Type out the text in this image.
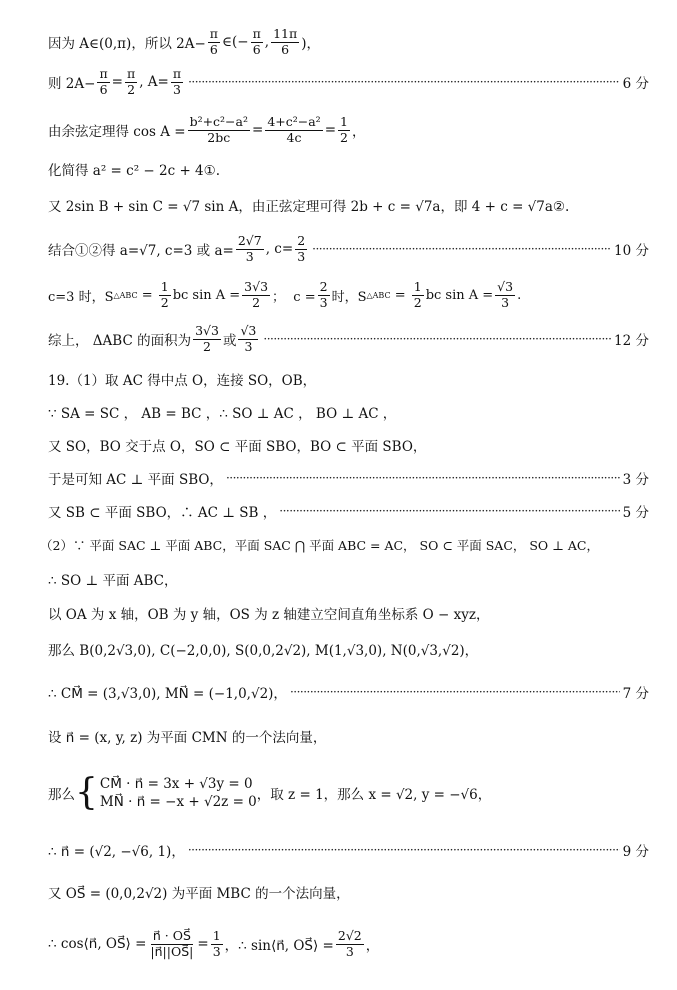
因为 A∈(0,π)，所以 $2A- \frac{\pi}{6}$ ∈(− $\frac{\pi}{6}$ , $\frac{11\pi}{6}$ )，
则 $2A- \frac{\pi}{6} = \frac{\pi}{2}$ , $A= \frac{\pi}{3}$ ·····	6 分
由余弦定理得 $\cos A = \frac{\text{b²+c²−a²}}{2bc} = \frac{\text{4+c²−a²}}{4c} = \frac{1}{2}$ ，
化简得 a² = c² − 2c + 4①.
又 2sin B + sin C = √7 sin A，由正弦定理可得 2b + c = √7a，即 4 + c = √7a②.
结合①②得 a=√7, c=3 或 $a= \frac{2√7}{3}$ , $c= \frac{2}{3}$ ·····	10 分
c=3 时，S △ABC = $\frac{1}{2}$ bc $\sin A = \frac{3√3}{2}$ ；  $c = \frac{2}{3}$ 时，S △ABC = $\frac{1}{2}$ bc $\sin A = \frac{√3}{3}$ .
综上， ΔABC 的面积为 $\frac{3√3}{2}$ 或 $\frac{√3}{3}$ ·····	12 分
19.（1）取 AC 得中点 O，连接 SO，OB，
∵ SA = SC ， AB = BC ，∴ SO ⊥ AC ， BO ⊥ AC ，
又 SO，BO 交于点 O，SO ⊂ 平面 SBO，BO ⊂ 平面 SBO，
于是可知 AC ⊥ 平面 SBO， ·····	3 分
又 SB ⊂ 平面 SBO，∴ AC ⊥ SB ， ·····	5 分
（2）∵ 平面 SAC ⊥ 平面 ABC，平面 SAC ⋂ 平面 ABC = AC， SO ⊂ 平面 SAC， SO ⊥ AC，
∴ SO ⊥ 平面 ABC，
以 OA 为 x 轴，OB 为 y 轴，OS 为 z 轴建立空间直角坐标系 O − xyz，
那么 B(0,2√3,0), C(−2,0,0), S(0,0,2√2), M(1,√3,0), N(0,√3,√2)，
∴ CM⃗ = (3,√3,0), MN⃗ = (−1,0,√2)， ·····	7 分
设 n⃗ = (x, y, z) 为平面 CMN 的一个法向量，
那么 { CM⃗ · n⃗ = 3x + √3y = 0
MN⃗ · n⃗ = −x + √2z = 0 ，取 z = 1，那么 x = √2, y = −√6，
∴ n⃗ = (√2, −√6, 1)， ·····	9 分
又 OS⃗ = (0,0,2√2) 为平面 MBC 的一个法向量，
∴ cos⟨n⃗, OS⃗⟩ = $\frac{n⃗ \cdot OS⃗}{|n⃗||OS⃗|} = \frac{1}{3}$ ，∴ sin⟨n⃗, OS⃗⟩ = $\frac{2√2}{3}$ ，
